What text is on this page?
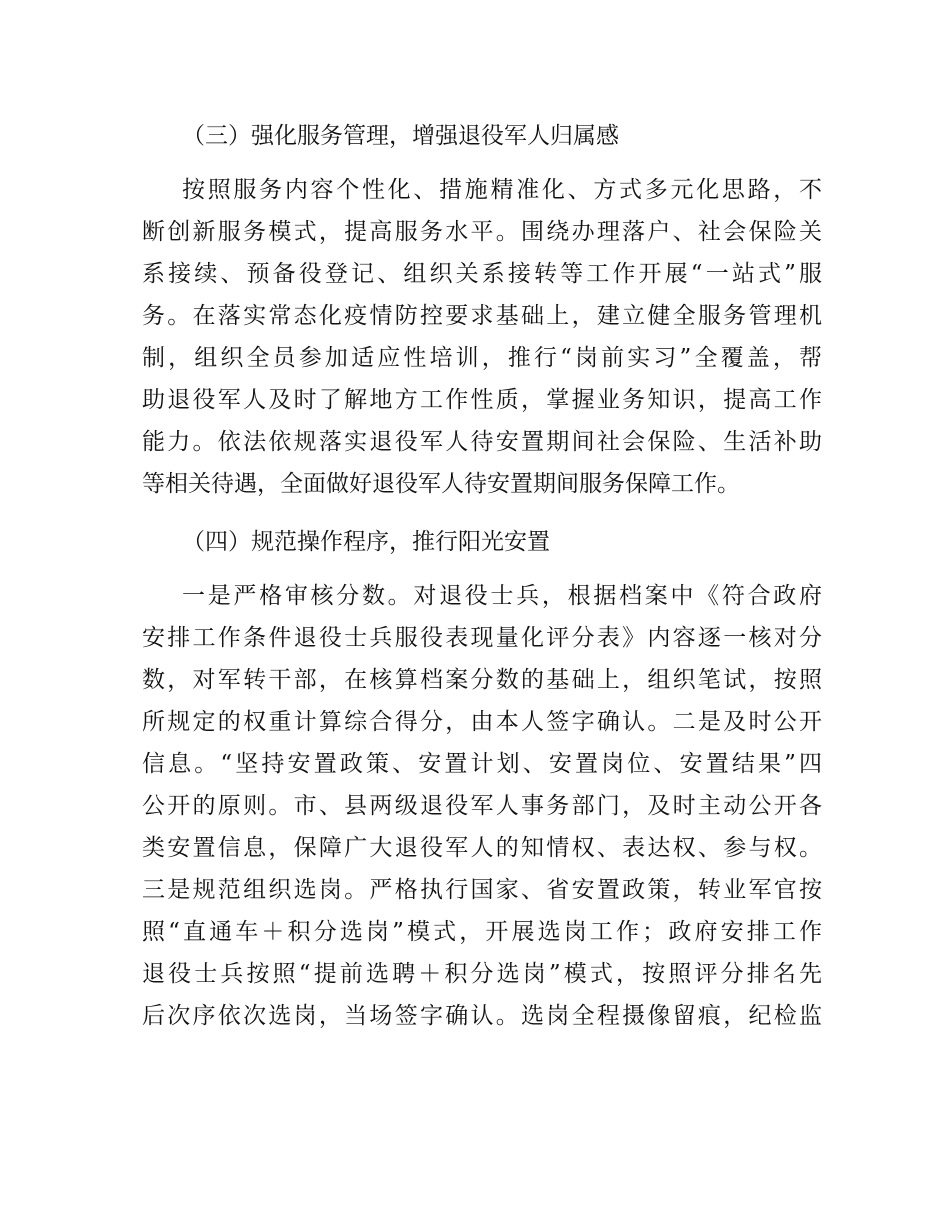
（三）强化服务管理，增强退役军人归属感
按照服务内容个性化、措施精准化、方式多元化思路，不
断创新服务模式，提高服务水平。围绕办理落户、社会保险关
系接续、预备役登记、组织关系接转等工作开展“一站式”服
务。在落实常态化疫情防控要求基础上，建立健全服务管理机
制，组织全员参加适应性培训，推行“岗前实习”全覆盖，帮
助退役军人及时了解地方工作性质，掌握业务知识，提高工作
能力。依法依规落实退役军人待安置期间社会保险、生活补助
等相关待遇，全面做好退役军人待安置期间服务保障工作。
（四）规范操作程序，推行阳光安置
一是严格审核分数。对退役士兵，根据档案中《符合政府
安排工作条件退役士兵服役表现量化评分表》内容逐一核对分
数，对军转干部，在核算档案分数的基础上，组织笔试，按照
所规定的权重计算综合得分，由本人签字确认。二是及时公开
信息。“坚持安置政策、安置计划、安置岗位、安置结果”四
公开的原则。市、县两级退役军人事务部门，及时主动公开各
类安置信息，保障广大退役军人的知情权、表达权、参与权。
三是规范组织选岗。严格执行国家、省安置政策，转业军官按
照“直通车＋积分选岗”模式，开展选岗工作；政府安排工作
退役士兵按照“提前选聘＋积分选岗”模式，按照评分排名先
后次序依次选岗，当场签字确认。选岗全程摄像留痕，纪检监
